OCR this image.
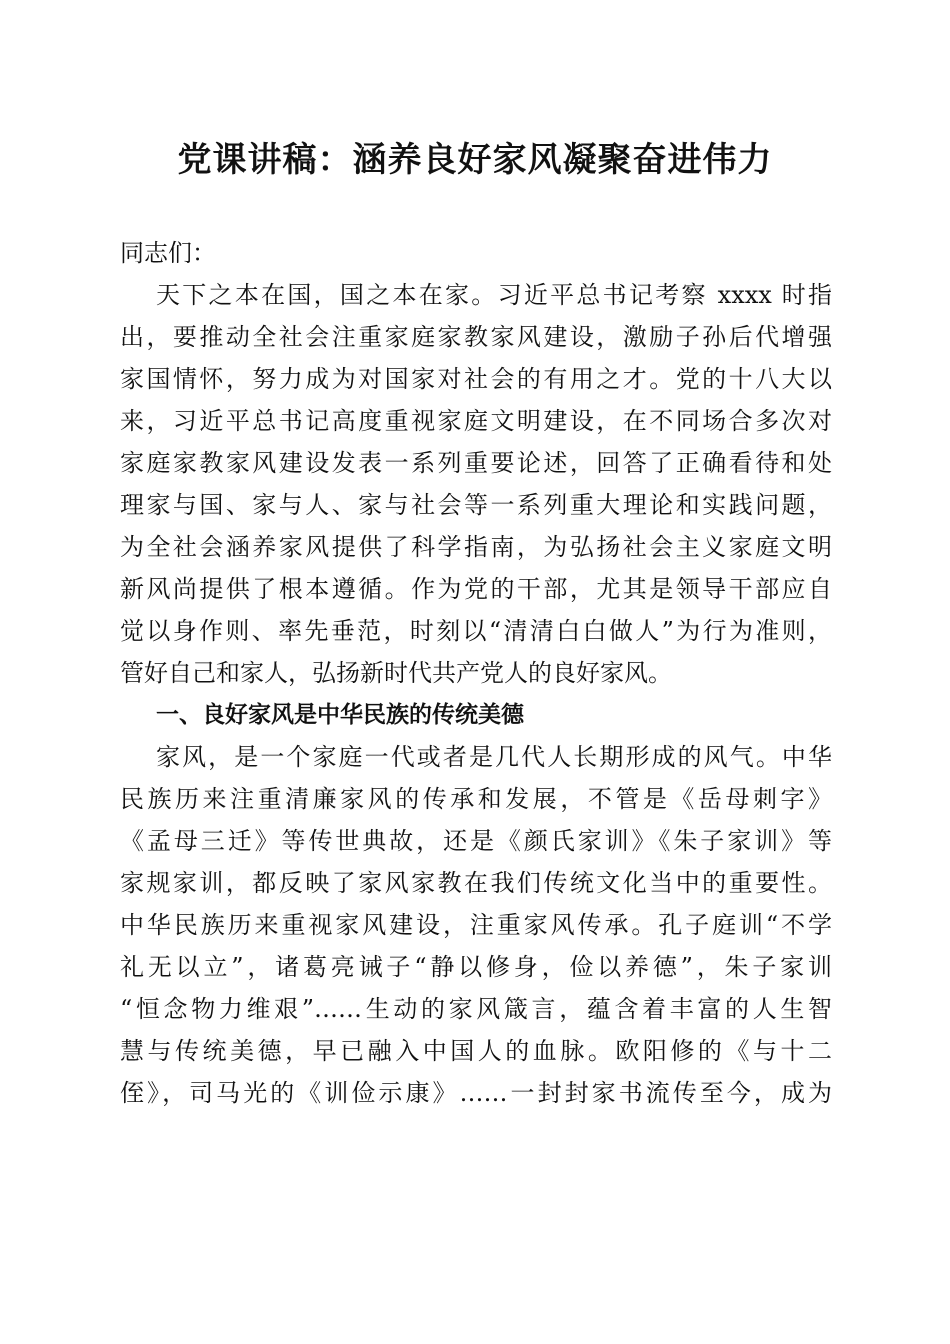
党课讲稿：涵养良好家风凝聚奋进伟力
同志们：
天下之本在国，国之本在家。习近平总书记考察 xxxx 时指
出，要推动全社会注重家庭家教家风建设，激励子孙后代增强
家国情怀，努力成为对国家对社会的有用之才。党的十八大以
来，习近平总书记高度重视家庭文明建设，在不同场合多次对
家庭家教家风建设发表一系列重要论述，回答了正确看待和处
理家与国、家与人、家与社会等一系列重大理论和实践问题，
为全社会涵养家风提供了科学指南，为弘扬社会主义家庭文明
新风尚提供了根本遵循。作为党的干部，尤其是领导干部应自
觉以身作则、率先垂范，时刻以“清清白白做人”为行为准则，
管好自己和家人，弘扬新时代共产党人的良好家风。
一、良好家风是中华民族的传统美德
家风，是一个家庭一代或者是几代人长期形成的风气。中华
民族历来注重清廉家风的传承和发展，不管是《岳母刺字》
《孟母三迁》等传世典故，还是《颜氏家训》《朱子家训》等
家规家训，都反映了家风家教在我们传统文化当中的重要性。
中华民族历来重视家风建设，注重家风传承。孔子庭训“不学
礼无以立”，诸葛亮诫子“静以修身，俭以养德”，朱子家训
“恒念物力维艰”……生动的家风箴言，蕴含着丰富的人生智
慧与传统美德，早已融入中国人的血脉。欧阳修的《与十二
侄》，司马光的《训俭示康》……一封封家书流传至今，成为
